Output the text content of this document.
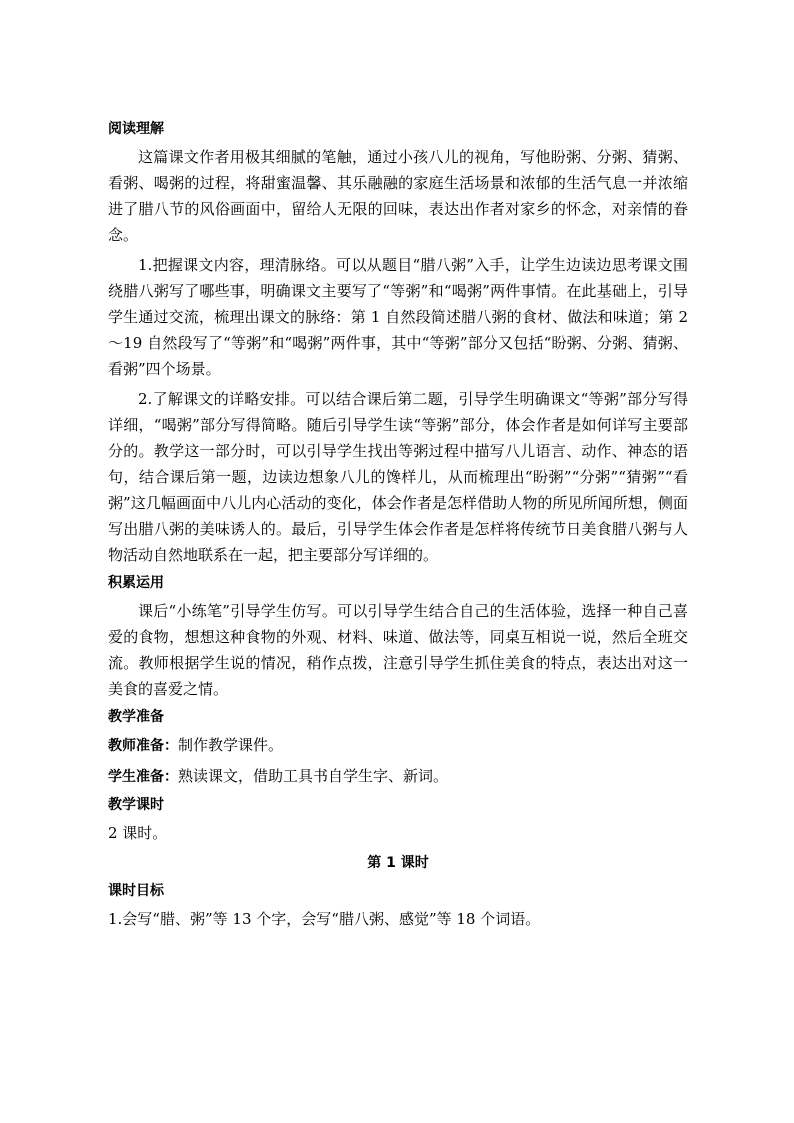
阅读理解

这篇课文作者用极其细腻的笔触，通过小孩八儿的视角，写他盼粥、分粥、猜粥、看粥、喝粥的过程，将甜蜜温馨、其乐融融的家庭生活场景和浓郁的生活气息一并浓缩进了腊八节的风俗画面中，留给人无限的回味，表达出作者对家乡的怀念，对亲情的眷念。

1.把握课文内容，理清脉络。可以从题目“腊八粥”入手，让学生边读边思考课文围绕腊八粥写了哪些事，明确课文主要写了“等粥”和“喝粥”两件事情。在此基础上，引导学生通过交流，梳理出课文的脉络：第 1 自然段简述腊八粥的食材、做法和味道；第 2～19 自然段写了“等粥”和“喝粥”两件事，其中“等粥”部分又包括“盼粥、分粥、猜粥、看粥”四个场景。

2.了解课文的详略安排。可以结合课后第二题，引导学生明确课文“等粥”部分写得详细，“喝粥”部分写得简略。随后引导学生读“等粥”部分，体会作者是如何详写主要部分的。教学这一部分时，可以引导学生找出等粥过程中描写八儿语言、动作、神态的语句，结合课后第一题，边读边想象八儿的馋样儿，从而梳理出“盼粥”“分粥”“猜粥”“看粥”这几幅画面中八儿内心活动的变化，体会作者是怎样借助人物的所见所闻所想，侧面写出腊八粥的美味诱人的。最后，引导学生体会作者是怎样将传统节日美食腊八粥与人物活动自然地联系在一起，把主要部分写详细的。

积累运用

课后“小练笔”引导学生仿写。可以引导学生结合自己的生活体验，选择一种自己喜爱的食物，想想这种食物的外观、材料、味道、做法等，同桌互相说一说，然后全班交流。教师根据学生说的情况，稍作点拨，注意引导学生抓住美食的特点，表达出对这一美食的喜爱之情。

教学准备
教师准备：制作教学课件。
学生准备：熟读课文，借助工具书自学生字、新词。
教学课时
2 课时。
第 1 课时
课时目标
1.会写“腊、粥”等 13 个字，会写“腊八粥、感觉”等 18 个词语。
